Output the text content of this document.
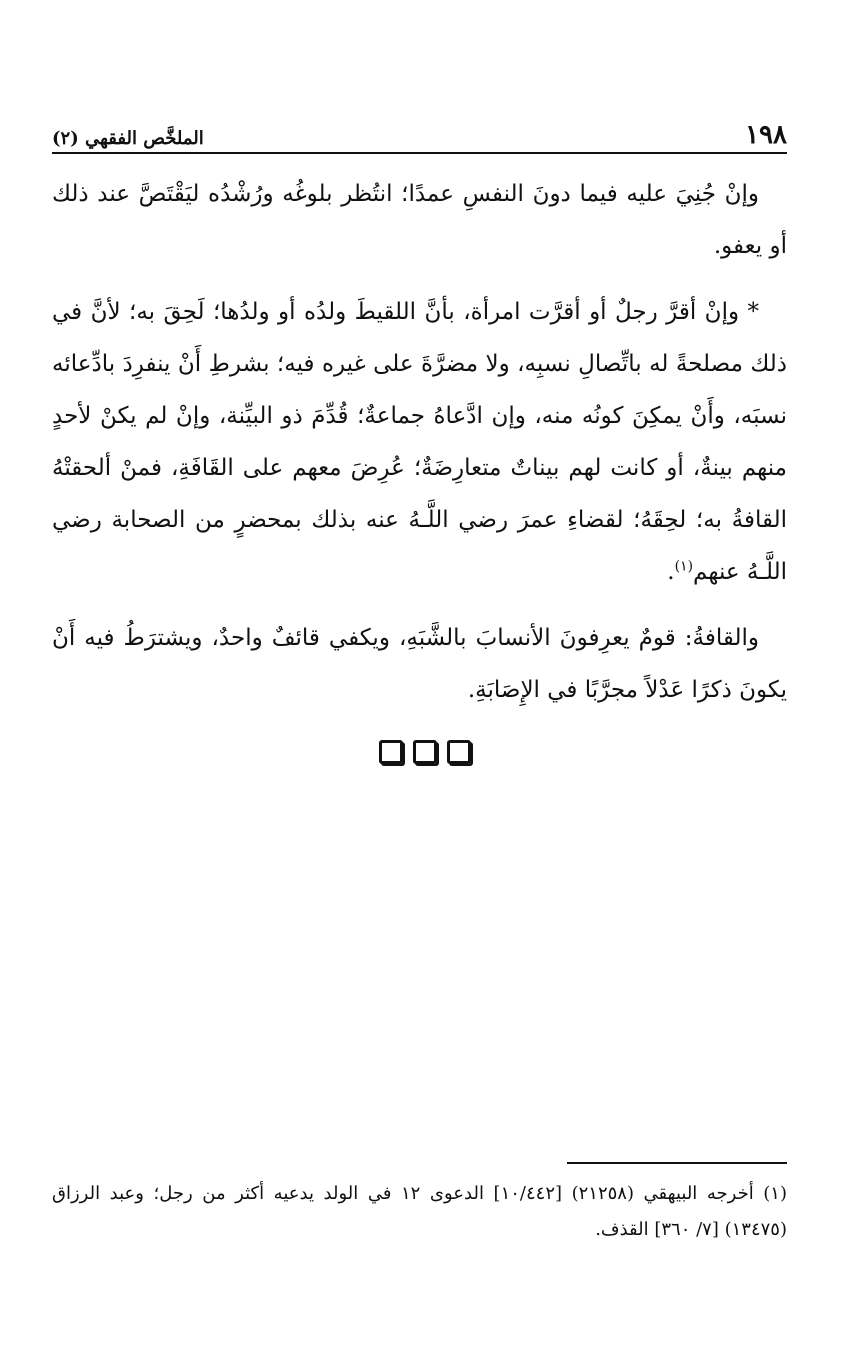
١٩٨
الملخَّص الفقهي (٢)

وإنْ جُنِيَ عليه فيما دونَ النفسِ عمدًا؛ انتُظر بلوغُه ورُشْدُه ليَقْتَصَّ عند ذلك أو يعفو.

* وإنْ أقرَّ رجلٌ أو أقرَّت امرأة، بأنَّ اللقيطَ ولدُه أو ولدُها؛ لَحِقَ به؛ لأنَّ في ذلك مصلحةً له باتِّصالِ نسبِه، ولا مضرَّةَ على غيره فيه؛ بشرطِ أَنْ ينفرِدَ بادِّعائه نسبَه، وأَنْ يمكِنَ كونُه منه، وإن ادَّعاهُ جماعةٌ؛ قُدِّمَ ذو البيِّنة، وإنْ لم يكنْ لأحدٍ منهم بينةٌ، أو كانت لهم بيناتٌ متعارِضَةٌ؛ عُرِضَ معهم على القَافَةِ، فمنْ ألحقتْهُ القافةُ به؛ لحِقَهُ؛ لقضاءِ عمرَ رضي اللَّـهُ عنه بذلك بمحضرٍ من الصحابة رضي اللَّـهُ عنهم$^{(١)}$.

والقافةُ: قومٌ يعرِفونَ الأنسابَ بالشَّبَهِ، ويكفي قائفٌ واحدٌ، ويشترَطُ فيه أَنْ يكونَ ذكرًا عَدْلاً مجرَّبًا في الإِصَابَةِ.

(١) أخرجه البيهقي (٢١٢٥٨) [١٠/٤٤٢] الدعوى ١٢ في الولد يدعيه أكثر من رجل؛ وعبد الرزاق (١٣٤٧٥) [٧/ ٣٦٠] القذف.
